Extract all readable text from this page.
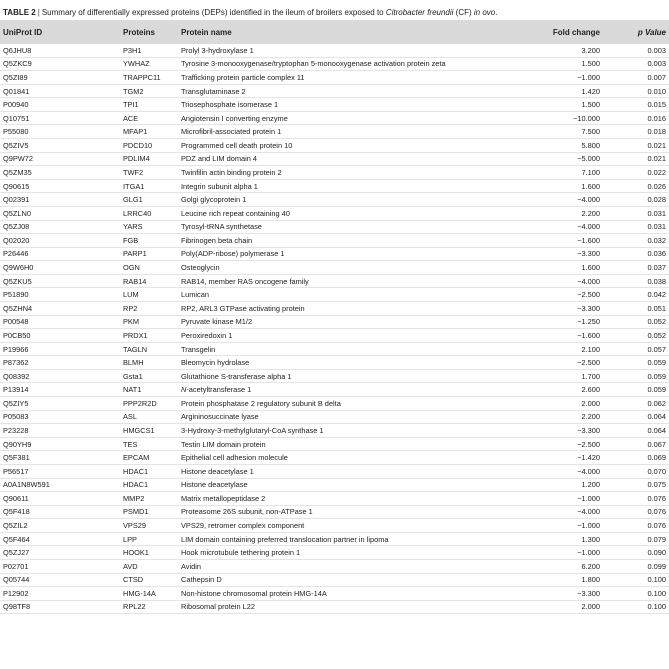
TABLE 2 | Summary of differentially expressed proteins (DEPs) identified in the ileum of broilers exposed to Citrobacter freundii (CF) in ovo.
UniProt ID	Proteins	Protein name	Fold change	p Value
Q6JHU8	P3H1	Prolyl 3-hydroxylase 1	3.200	0.003
Q5ZKC9	YWHAZ	Tyrosine 3-monooxygenase/tryptophan 5-monooxygenase activation protein zeta	1.500	0.003
Q5ZI89	TRAPPC11	Trafficking protein particle complex 11	−1.000	0.007
Q01841	TGM2	Transglutaminase 2	1.420	0.010
P00940	TPI1	Triosephosphate isomerase 1	1.500	0.015
Q10751	ACE	Angiotensin I converting enzyme	−10.000	0.016
P55080	MFAP1	Microfibril-associated protein 1	7.500	0.018
Q5ZIV5	PDCD10	Programmed cell death protein 10	5.800	0.021
Q9PW72	PDLIM4	PDZ and LIM domain 4	−5.000	0.021
Q5ZM35	TWF2	Twinfilin actin binding protein 2	7.100	0.022
Q90615	ITGA1	Integrin subunit alpha 1	1.600	0.026
Q02391	GLG1	Golgi glycoprotein 1	−4.000	0.028
Q5ZLN0	LRRC40	Leucine rich repeat containing 40	2.200	0.031
Q5ZJ08	YARS	Tyrosyl-tRNA synthetase	−4.000	0.031
Q02020	FGB	Fibrinogen beta chain	−1.600	0.032
P26446	PARP1	Poly(ADP-ribose) polymerase 1	−3.300	0.036
Q9W6H0	OGN	Osteoglycin	1.600	0.037
Q5ZKU5	RAB14	RAB14, member RAS oncogene family	−4.000	0.038
P51890	LUM	Lumican	−2.500	0.042
Q5ZHN4	RP2	RP2, ARL3 GTPase activating protein	−3.300	0.051
P00548	PKM	Pyruvate kinase M1/2	−1.250	0.052
P0CB50	PRDX1	Peroxiredoxin 1	−1.600	0.052
P19966	TAGLN	Transgelin	2.100	0.057
P87362	BLMH	Bleomycin hydrolase	−2.500	0.059
Q08392	Gsta1	Glutathione S-transferase alpha 1	1.700	0.059
P13914	NAT1	N-acetyltransferase 1	2.600	0.059
Q5ZIY5	PPP2R2D	Protein phosphatase 2 regulatory subunit B delta	2.000	0.062
P05083	ASL	Argininosuccinate lyase	2.200	0.064
P23228	HMGCS1	3-Hydroxy-3-methylglutaryl-CoA synthase 1	−3.300	0.064
Q90YH9	TES	Testin LIM domain protein	−2.500	0.067
Q5F381	EPCAM	Epithelial cell adhesion molecule	−1.420	0.069
P56517	HDAC1	Histone deacetylase 1	−4.000	0.070
A0A1N8W591	HDAC1	Histone deacetylase	1.200	0.075
Q90611	MMP2	Matrix metallopeptidase 2	−1.000	0.076
Q5F418	PSMD1	Proteasome 26S subunit, non-ATPase 1	−4.000	0.076
Q5ZIL2	VPS29	VPS29, retromer complex component	−1.000	0.076
Q5F464	LPP	LIM domain containing preferred translocation partner in lipoma	1.300	0.079
Q5ZJ27	HOOK1	Hook microtubule tethering protein 1	−1.000	0.090
P02701	AVD	Avidin	6.200	0.099
Q05744	CTSD	Cathepsin D	1.800	0.100
P12902	HMG-14A	Non-histone chromosomal protein HMG-14A	−3.300	0.100
Q98TF8	RPL22	Ribosomal protein L22	2.000	0.100
